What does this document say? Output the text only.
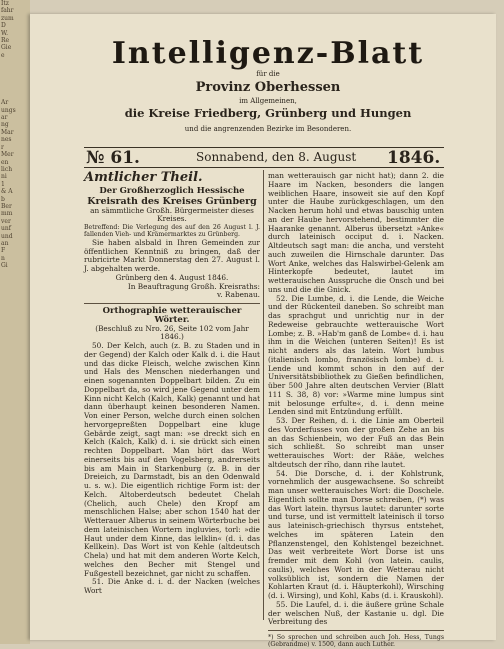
Itz
fahr
zum
D
W.
Re
Gie
e
Ar
ungs
ar
ng
Mar
nes
r
Mer
en
lich
ni
1
& A
b
Ber
mm
ver
unf
und
an
F
n
Gi
Intelligenz-Blatt
für die
Provinz Oberhessen
im Allgemeinen,
die Kreise Friedberg, Grünberg und Hungen
und die angrenzenden Bezirke im Besonderen.
№ 61.	Sonnabend, den 8. August 1846.

Amtlicher Theil.

Der Großherzoglich Hessische

Kreisrath des Kreises Grünberg

an sämmtliche Großh. Bürgermeister dieses Kreises.

Betreffend: Die Verlegung des auf den 26 August l. J. fallenden Vieh- und Krämermarktes zu Grünberg.

Sie haben alsbald in Ihren Gemeinden zur öffentlichen Kenntniß zu bringen, daß der rubricirte Markt Donnerstag den 27. August l. J. abgehalten werde.

Grünberg den 4. August 1846.

In Beauftragung Großh. Kreisraths:

v. Rabenau.

Orthographie wetterauischer Wörter.

(Beschluß zu Nro. 26, Seite 102 vom Jahr 1846.)

50. Der Kelch, auch (z. B. zu Staden und in der Gegend) der Kalch oder Kalk d. i. die Haut und das dicke Fleisch, welche zwischen Kinn und Hals des Menschen niederhangen und einen sogenannten Doppelbart bilden. Zu ein Doppelbart da, so wird jene Gegend unter dem Kinn nicht Kelch (Kalch, Kalk) genannt und hat dann überhaupt keinen besonderen Namen. Von einer Person, welche durch einen solchen hervorgepreßten Doppelbart eine kluge Gebärde zeigt, sagt man: »se dreckt sich en Kelch (Kalch, Kalk) d. i. sie drückt sich einen rechten Doppelbart. Man hört das Wort einerseits bis auf den Vogelsberg, andrerseits bis am Main in Starkenburg (z. B. in der Dreieich, zu Darmstadt, bis an den Odenwald u. s. w.). Die eigentlich richtige Form ist: der Kelch. Altoberdeutsch bedeutet Chelah (Chelich, auch Chele) den Kropf am menschlichen Halse; aber schon 1540 hat der Wetterauer Alberus in seinem Wörterbuche bei dem lateinischen Wortern ingluvies, torl: »die Haut under dem Kinne, das lelklin« (d. i. das Kellkein). Das Wort ist von Kehle (altdeutsch Chela) und hat mit dem anderen Worte Kelch, welches den Becher mit Stengel und Fußgestell bezeichnet, gar nicht zu schaffen.

51. Die Anke d. i. d. der Nacken (welches Wort

man wetterauisch gar nicht hat); dann 2. die Haare im Nacken, besonders die langen weiblichen Haare, insoweit sie auf den Kopf unter die Haube zurückgeschlagen, um den Nacken herum hohl und etwas bauschig unten an der Haube hervorstehend, bestimmter die Haaranke genannt. Alberus übersetzt »Anke« durch lateinisch occiput d. i. Nacken. Altdeutsch sagt man: die ancha, und versteht auch zuweilen die Hirnschale darunter. Das Wort Anke, welches das Halswirbel-Gelenk am Hinterkopfe bedeutet, lautet im wetterauischen Ausspruche die Onsch und bei uns und die die Gnick.

52. Die Lumbe, d. i. die Lende, die Weiche und der Rückenteil daneben. So schreibt man das sprachgut und unrichtig nur in der Redeweise gebrauchte wetterauische Wort Lombe; z. B. »Hab'm ganß de Lombe« d. i. hau ihm in die Weichen (unteren Seiten)! Es ist nicht anders als das latein. Wort lumbus (italienisch lombo, französisch lombe) d. i. Lende und kommt schon in den auf der Universitätsbibliothek zu Gießen befindlichen, über 500 Jahre alten deutschen Vervier (Blatt 111 S. 38, 8) vor: »Warme mine lumpus sint mit belosunge erfulte«, d. i. denn meine Lenden sind mit Entzündung erfüllt.

53. Der Reihen, d. i. die Linie am Oberteil des Vorderfusses von der großen Zehe an bis an das Schienbein, wo der Fuß an das Bein sich schließt. So schreibt man unser wetterauisches Wort: der Rääe, welches altdeutsch der rîho, dann rihe lautet.

54. Die Dorsche, d. i. der Kohlstrunk, vornehmlich der ausgewachsene. So schreibt man unser wetterauisches Wort: die Doschele. Eigentlich sollte man Dorse schreiben, (*) was das Wort latein. thyrsus lautet: darunter sorte und turse, und ist vermittelt lateinisch il torso aus lateinisch-griechisch thyrsus entstehet, welches im späteren Latein den Pflanzenstengel, den Kohlstengel bezeichnet. Das weit verbreitete Wort Dorse ist uns fremder mit dem Kohl (von latein. caulis, caulis), welches Wort in der Wetterau nicht volksüblich ist, sondern die Namen der Kohlarten Kraut (d. i. Häupterkohl), Wirsching (d. i. Wirsing), und Kohl, Kabs (d. i. Krauskohl).

55. Die Laufel, d. i. die äußere grüne Schale der welschen Nuß, der Kastanie u. dgl. Die Verbreitung des

*) So sprechen und schreiben auch Joh. Hess, Tungs (Gebrandme) v. 1500, dann auch Luther.
